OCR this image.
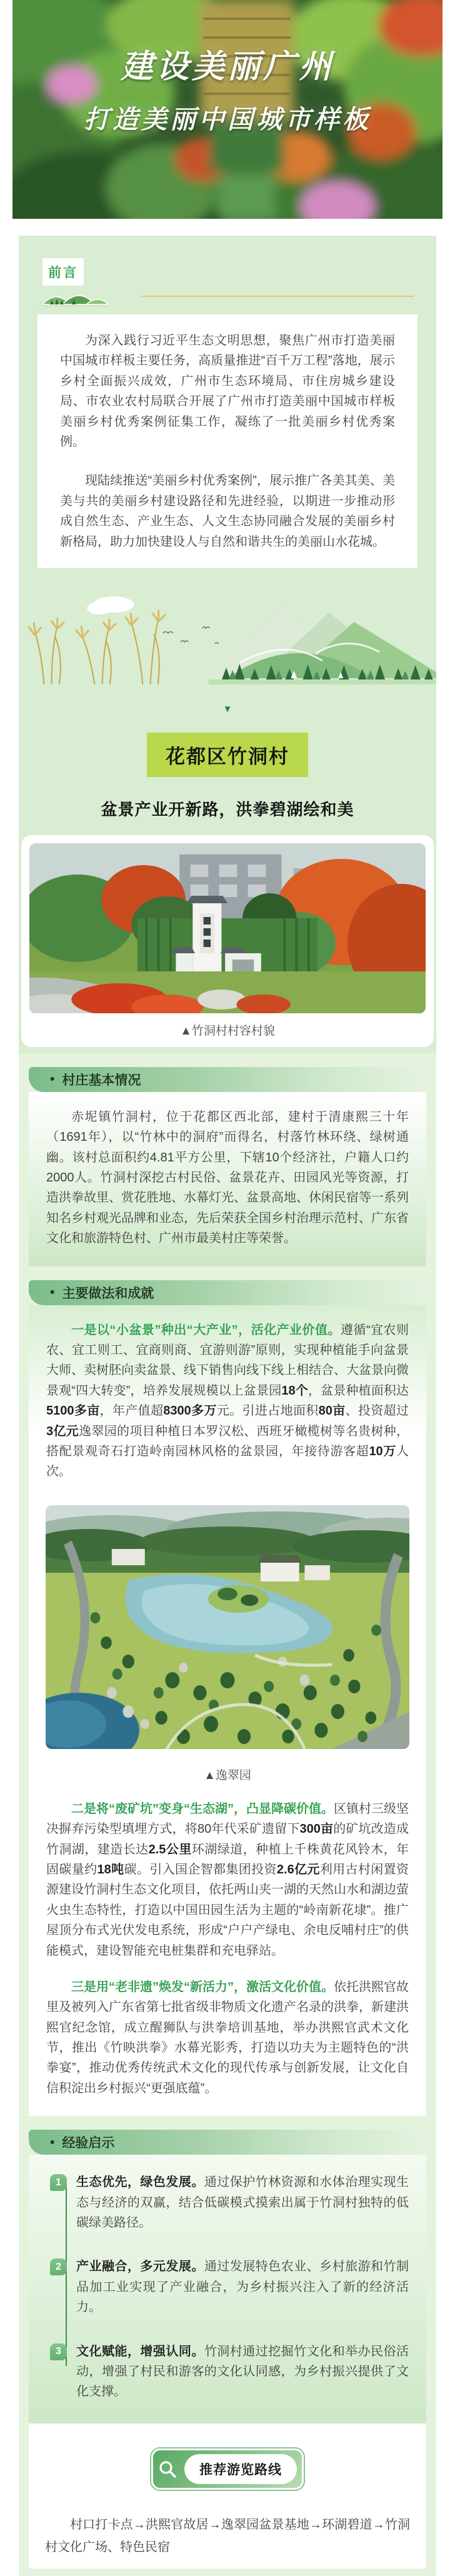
建设美丽广州
打造美丽中国城市样板
前言

为深入践行习近平生态文明思想，聚焦广州市打造美丽中国城市样板主要任务，高质量推进“百千万工程”落地，展示乡村全面振兴成效，广州市生态环境局、市住房城乡建设局、市农业农村局联合开展了广州市打造美丽中国城市样板美丽乡村优秀案例征集工作，凝练了一批美丽乡村优秀案例。

现陆续推送“美丽乡村优秀案例”，展示推广各美其美、美美与共的美丽乡村建设路径和先进经验，以期进一步推动形成自然生态、产业生态、人文生态协同融合发展的美丽乡村新格局，助力加快建设人与自然和谐共生的美丽山水花城。

▼
花都区竹洞村
盆景产业开新路，洪拳碧湖绘和美
▲竹洞村村容村貌
• 村庄基本情况

赤坭镇竹洞村，位于花都区西北部，建村于清康熙三十年（1691年），以“竹林中的洞府”而得名，村落竹林环绕、绿树通幽。该村总面积约4.81平方公里，下辖10个经济社，户籍人口约2000人。竹洞村深挖古村民俗、盆景花卉、田园风光等资源，打造洪拳故里、赏花胜地、水幕灯光、盆景高地、休闲民宿等一系列知名乡村观光品牌和业态，先后荣获全国乡村治理示范村、广东省文化和旅游特色村、广州市最美村庄等荣誉。

• 主要做法和成就

一是以“小盆景”种出“大产业”，活化产业价值。遵循“宜农则农、宜工则工、宜商则商、宜游则游”原则，实现种植能手向盆景大师、卖树胚向卖盆景、线下销售向线下线上相结合、大盆景向微景观“四大转变”，培养发展规模以上盆景园18个，盆景种植面积达5100多亩，年产值超8300多万元。引进占地面积80亩、投资超过3亿元逸翠园的项目种植日本罗汉松、西班牙橄榄树等名贵树种，搭配景观奇石打造岭南园林风格的盆景园，年接待游客超10万人次。

▲逸翠园

二是将“废矿坑”变身“生态湖”，凸显降碳价值。区镇村三级坚决摒弃污染型填埋方式，将80年代采矿遗留下300亩的矿坑改造成竹洞湖，建造长达2.5公里环湖绿道，种植上千株黄花风铃木，年固碳量约18吨碳。引入国企智都集团投资2.6亿元利用古村闲置资源建设竹洞村生态文化项目，依托两山夹一湖的天然山水和湖边萤火虫生态特性，打造以中国田园生活为主题的“岭南新花埭”。推广屋顶分布式光伏发电系统，形成“户户产绿电、余电反哺村庄”的供能模式，建设智能充电桩集群和充电驿站。

三是用“老非遗”焕发“新活力”，激活文化价值。依托洪熙官故里及被列入广东省第七批省级非物质文化遗产名录的洪拳，新建洪熙官纪念馆，成立醒狮队与洪拳培训基地，举办洪熙官武术文化节，推出《竹映洪拳》水幕光影秀，打造以功夫为主题特色的“洪拳宴”，推动优秀传统武术文化的现代传承与创新发展，让文化自信积淀出乡村振兴“更强底蕴”。

• 经验启示
1	生态优先，绿色发展。通过保护竹林资源和水体治理实现生态与经济的双赢，结合低碳模式摸索出属于竹洞村独特的低碳绿美路径。
2	产业融合，多元发展。通过发展特色农业、乡村旅游和竹制品加工业实现了产业融合，为乡村振兴注入了新的经济活力。
3	文化赋能，增强认同。竹洞村通过挖掘竹文化和举办民俗活动，增强了村民和游客的文化认同感，为乡村振兴提供了文化支撑。
推荐游览路线

村口打卡点→洪熙官故居→逸翠园盆景基地→环湖碧道→竹洞村文化广场、特色民宿
